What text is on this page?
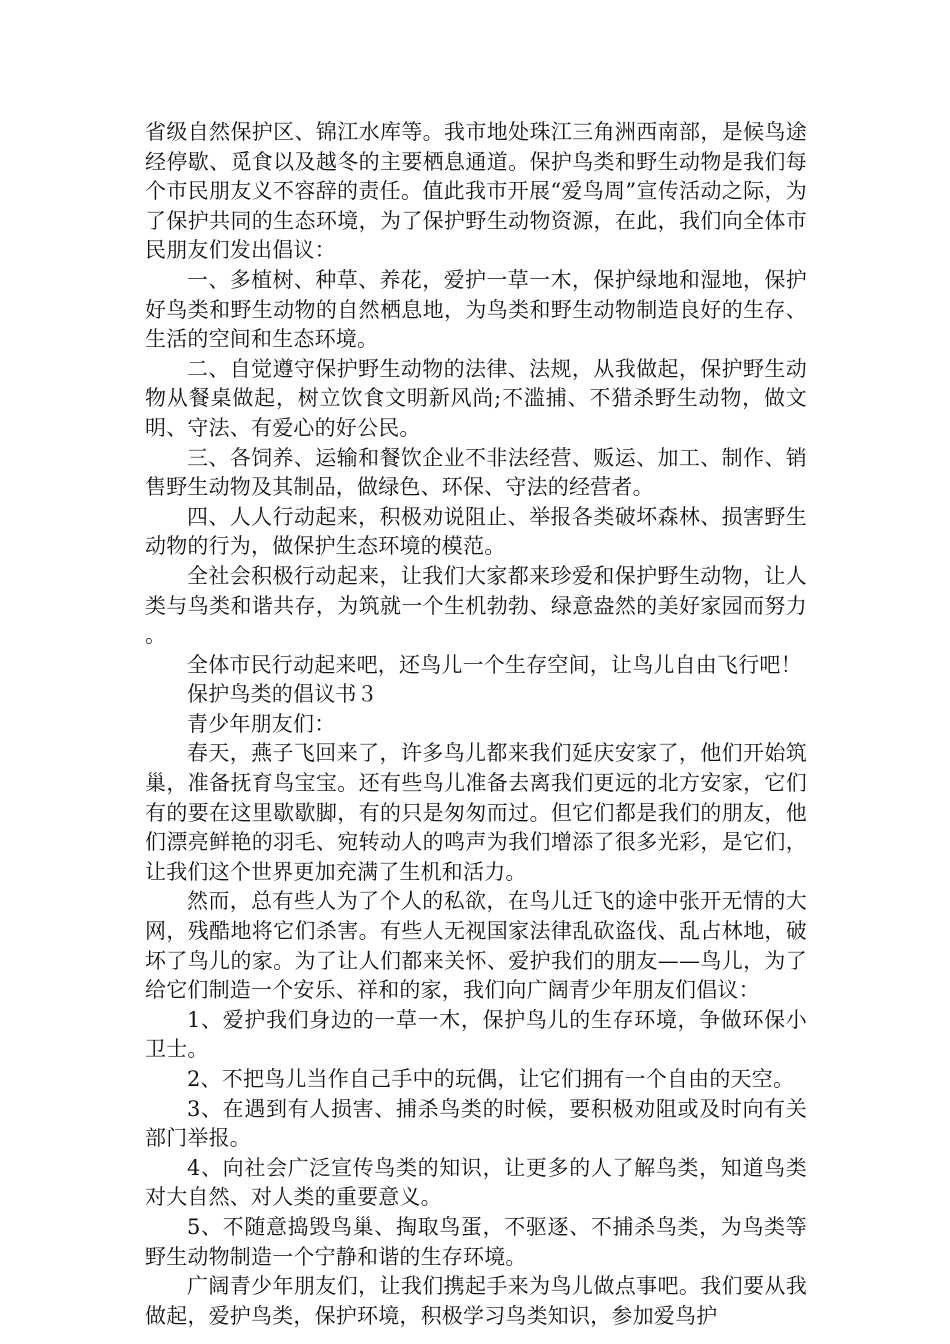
省级自然保护区、锦江水库等。我市地处珠江三角洲西南部，是候鸟途经停歇、觅食以及越冬的主要栖息通道。保护鸟类和野生动物是我们每个市民朋友义不容辞的责任。值此我市开展“爱鸟周”宣传活动之际，为了保护共同的生态环境，为了保护野生动物资源，在此，我们向全体市民朋友们发出倡议：

一、多植树、种草、养花，爱护一草一木，保护绿地和湿地，保护好鸟类和野生动物的自然栖息地，为鸟类和野生动物制造良好的生存、生活的空间和生态环境。

二、自觉遵守保护野生动物的法律、法规，从我做起，保护野生动物从餐桌做起，树立饮食文明新风尚;不滥捕、不猎杀野生动物，做文明、守法、有爱心的好公民。

三、各饲养、运输和餐饮企业不非法经营、贩运、加工、制作、销售野生动物及其制品，做绿色、环保、守法的经营者。

四、人人行动起来，积极劝说阻止、举报各类破坏森林、损害野生动物的行为，做保护生态环境的模范。

全社会积极行动起来，让我们大家都来珍爱和保护野生动物，让人类与鸟类和谐共存，为筑就一个生机勃勃、绿意盎然的美好家园而努力。

全体市民行动起来吧，还鸟儿一个生存空间，让鸟儿自由飞行吧！

保护鸟类的倡议书３

青少年朋友们：

春天，燕子飞回来了，许多鸟儿都来我们延庆安家了，他们开始筑巢，准备抚育鸟宝宝。还有些鸟儿准备去离我们更远的北方安家，它们有的要在这里歇歇脚，有的只是匆匆而过。但它们都是我们的朋友，他们漂亮鲜艳的羽毛、宛转动人的鸣声为我们增添了很多光彩，是它们，让我们这个世界更加充满了生机和活力。

然而，总有些人为了个人的私欲，在鸟儿迁飞的途中张开无情的大网，残酷地将它们杀害。有些人无视国家法律乱砍盗伐、乱占林地，破坏了鸟儿的家。为了让人们都来关怀、爱护我们的朋友——鸟儿，为了给它们制造一个安乐、祥和的家，我们向广阔青少年朋友们倡议：

1、爱护我们身边的一草一木，保护鸟儿的生存环境，争做环保小卫士。

2、不把鸟儿当作自己手中的玩偶，让它们拥有一个自由的天空。

3、在遇到有人损害、捕杀鸟类的时候，要积极劝阻或及时向有关部门举报。

4、向社会广泛宣传鸟类的知识，让更多的人了解鸟类，知道鸟类对大自然、对人类的重要意义。

5、不随意捣毁鸟巢、掏取鸟蛋，不驱逐、不捕杀鸟类，为鸟类等野生动物制造一个宁静和谐的生存环境。

广阔青少年朋友们，让我们携起手来为鸟儿做点事吧。我们要从我做起，爱护鸟类，保护环境，积极学习鸟类知识，参加爱鸟护
